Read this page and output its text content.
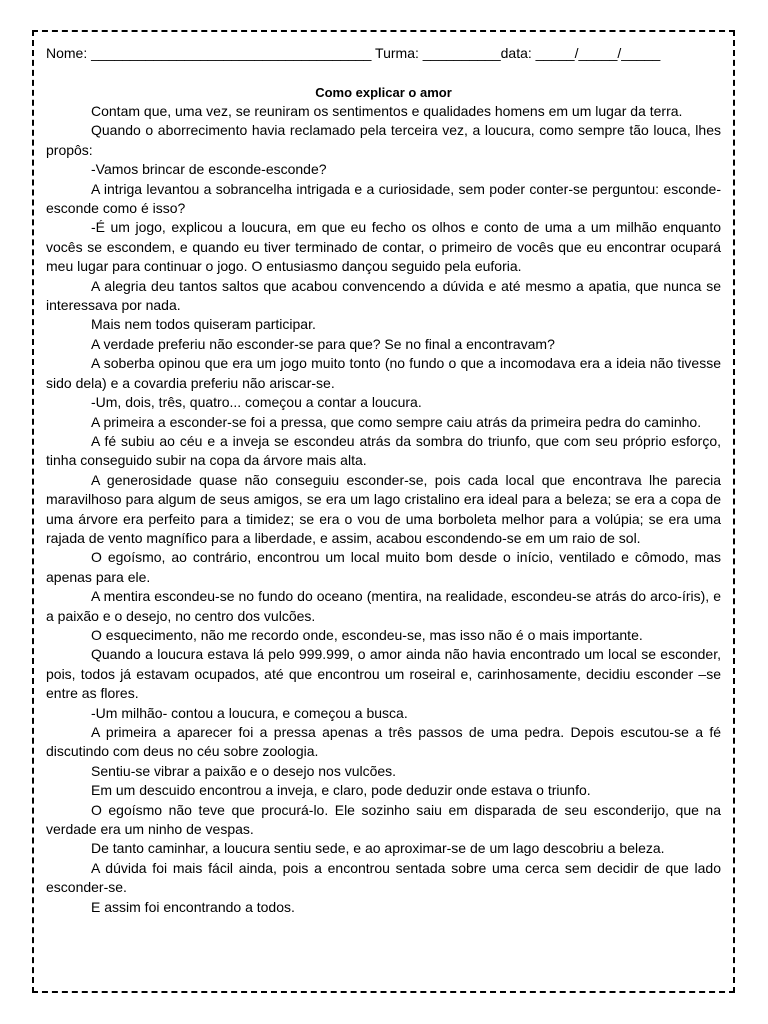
Nome: ____________________________________ Turma: __________data: _____/_____/_____
Como explicar o amor

Contam que, uma vez, se reuniram os sentimentos e qualidades homens em um lugar da terra.

Quando o aborrecimento havia reclamado pela terceira vez, a loucura, como sempre tão louca, lhes propôs:

-Vamos brincar de esconde-esconde?

A intriga levantou a sobrancelha intrigada e a curiosidade, sem poder conter-se perguntou: esconde-esconde como é isso?

-É um jogo, explicou a loucura, em que eu fecho os olhos e conto de uma a um milhão enquanto vocês se escondem, e quando eu tiver terminado de contar, o primeiro de vocês que eu encontrar ocupará meu lugar para continuar o jogo. O entusiasmo dançou seguido pela euforia.

A alegria deu tantos saltos que acabou convencendo a dúvida e até mesmo a apatia, que nunca se interessava por nada.

Mais nem todos quiseram participar.

A verdade preferiu não esconder-se para que? Se no final a encontravam?

A soberba opinou que era um jogo muito tonto (no fundo o que a incomodava era a ideia não tivesse sido dela) e a covardia preferiu não ariscar-se.

-Um, dois, três, quatro... começou a contar a loucura.

A primeira a esconder-se foi a pressa, que como sempre caiu atrás da primeira pedra do caminho.

A fé subiu ao céu e a inveja se escondeu atrás da sombra do triunfo, que com seu próprio esforço, tinha conseguido subir na copa da árvore mais alta.

A generosidade quase não conseguiu esconder-se, pois cada local que encontrava lhe parecia maravilhoso para algum de seus amigos, se era um lago cristalino era ideal para a beleza; se era a copa de uma árvore era perfeito para a timidez; se era o vou de uma borboleta melhor para a volúpia; se era uma rajada de vento magnífico para a liberdade, e assim, acabou escondendo-se em um raio de sol.

O egoísmo, ao contrário, encontrou um local muito bom desde o início, ventilado e cômodo, mas apenas para ele.

A mentira escondeu-se no fundo do oceano (mentira, na realidade, escondeu-se atrás do arco-íris), e a paixão e o desejo, no centro dos vulcões.

O esquecimento, não me recordo onde, escondeu-se, mas isso não é o mais importante.

Quando a loucura estava lá pelo 999.999, o amor ainda não havia encontrado um local se esconder, pois, todos já estavam ocupados, até que encontrou um roseiral e, carinhosamente, decidiu esconder –se entre as flores.

-Um milhão- contou a loucura, e começou a busca.

A primeira a aparecer foi a pressa apenas a três passos de uma pedra. Depois escutou-se a fé discutindo com deus no céu sobre zoologia.

Sentiu-se vibrar a paixão e o desejo nos vulcões.

Em um descuido encontrou a inveja, e claro, pode deduzir onde estava o triunfo.

O egoísmo não teve que procurá-lo. Ele sozinho saiu em disparada de seu esconderijo, que na verdade era um ninho de vespas.

De tanto caminhar, a loucura sentiu sede, e ao aproximar-se de um lago descobriu a beleza.

A dúvida foi mais fácil ainda, pois a encontrou sentada sobre uma cerca sem decidir de que lado esconder-se.

E assim foi encontrando a todos.
